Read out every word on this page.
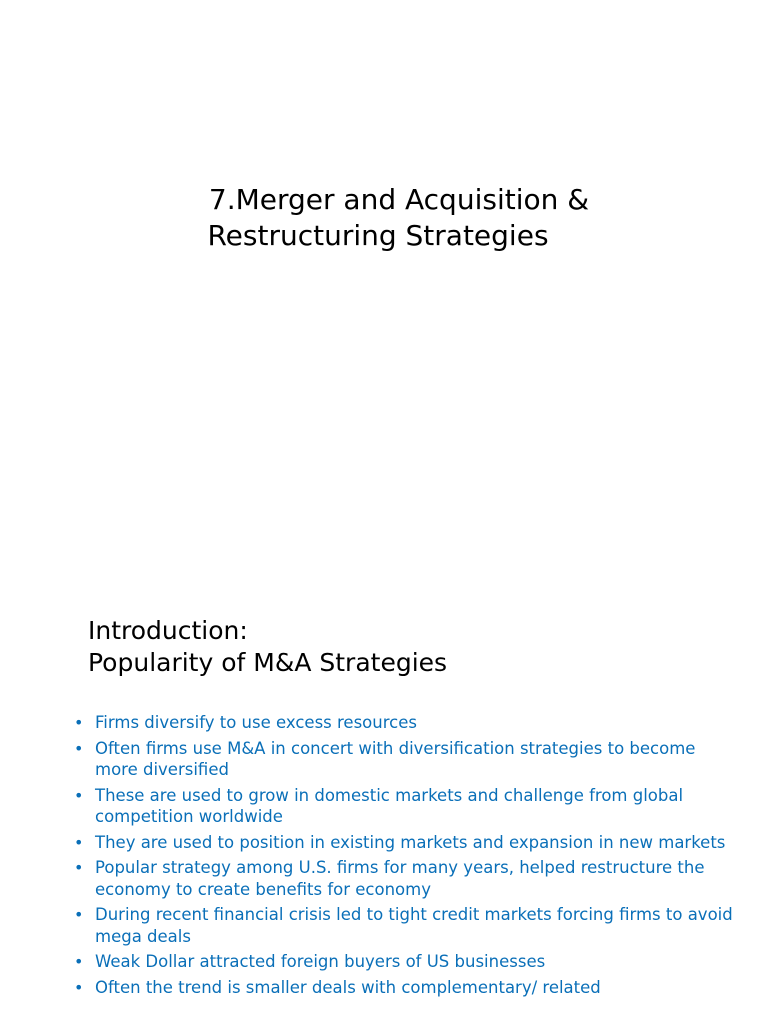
7.Merger and Acquisition &
Restructuring Strategies
Introduction:
Popularity of M&A Strategies
• Firms diversify to use excess resources
• Often firms use M&A in concert with diversification strategies to become more diversified
• These are used to grow in domestic markets and challenge from global competition worldwide
• They are used to position in existing markets and expansion in new markets
• Popular strategy among U.S. firms for many years, helped restructure the economy to create benefits for economy
• During recent financial crisis led to tight credit markets forcing firms to avoid mega deals
• Weak Dollar attracted foreign buyers of US businesses
• Often the trend is smaller deals with complementary/ related
